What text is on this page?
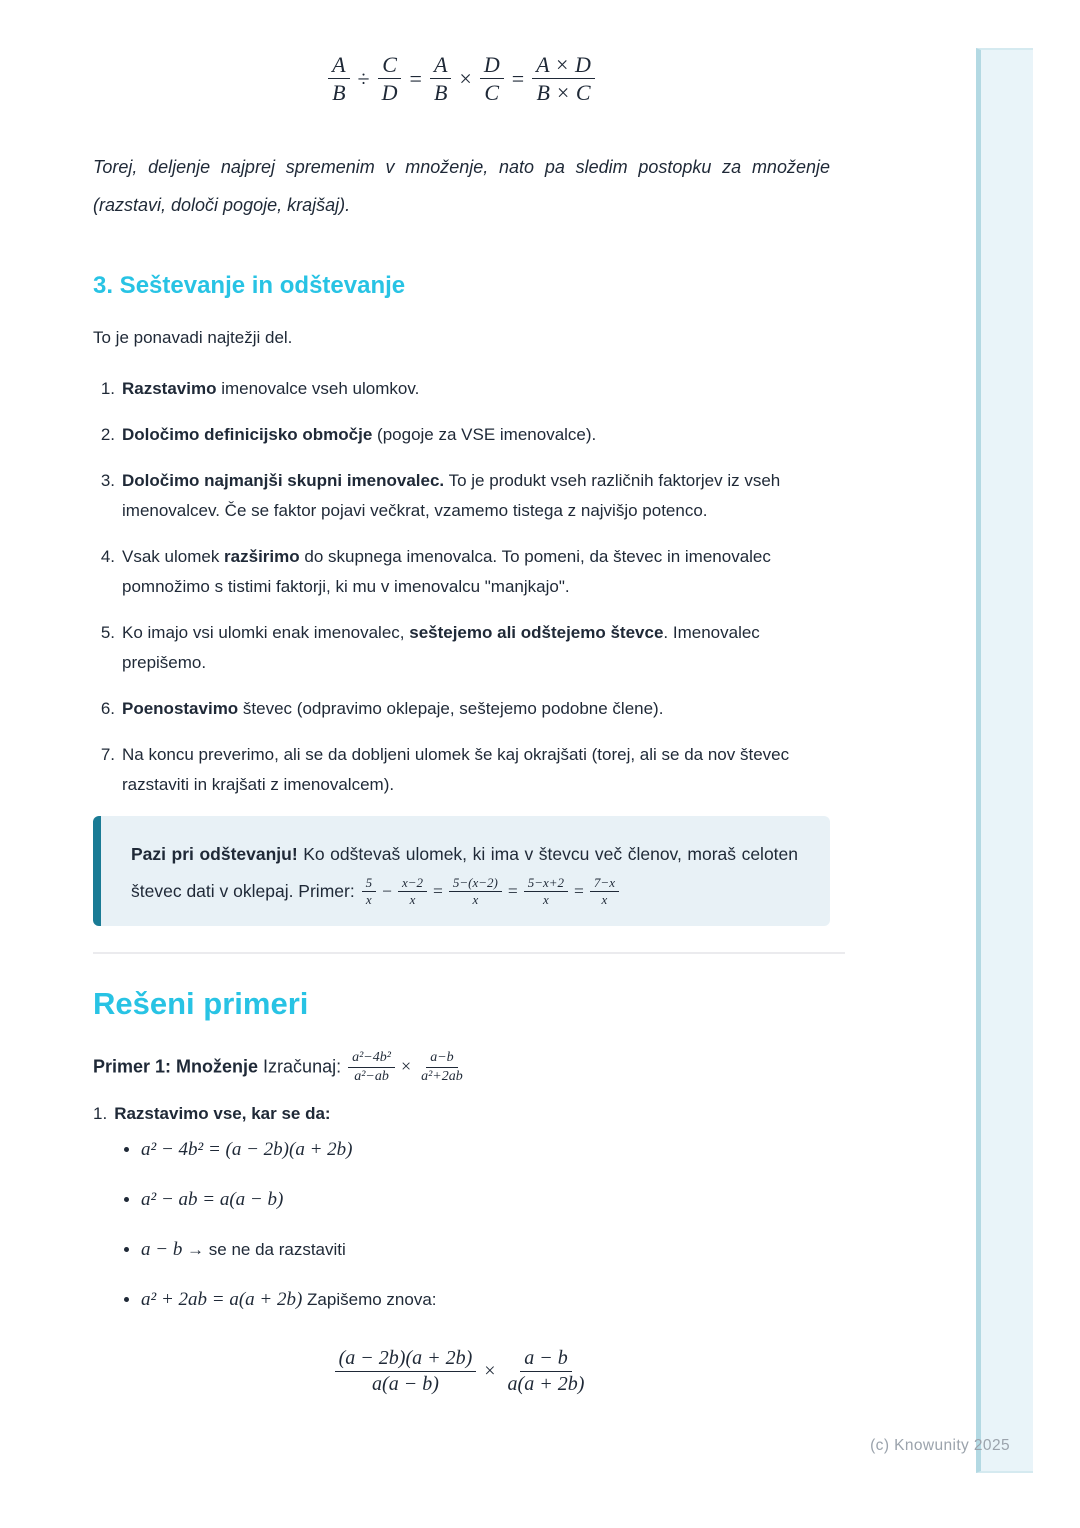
$\frac{A}{B} \div \frac{C}{D} = \frac{A}{B} \times \frac{D}{C} = \frac{A \times D}{B \times C}$

Torej, deljenje najprej spremenim v množenje, nato pa sledim postopku za množenje (razstavi, določi pogoje, krajšaj).

3. Seštevanje in odštevanje

To je ponavadi najtežji del.

1. Razstavimo imenovalce vseh ulomkov.
2. Določimo definicijsko območje (pogoje za VSE imenovalce).
3. Določimo najmanjši skupni imenovalec. To je produkt vseh različnih faktorjev iz vseh imenovalcev. Če se faktor pojavi večkrat, vzamemo tistega z najvišjo potenco.
4. Vsak ulomek razširimo do skupnega imenovalca. To pomeni, da števec in imenovalec pomnožimo s tistimi faktorji, ki mu v imenovalcu "manjkajo".
5. Ko imajo vsi ulomki enak imenovalec, seštejemo ali odštejemo števce. Imenovalec prepišemo.
6. Poenostavimo števec (odpravimo oklepaje, seštejemo podobne člene).
7. Na koncu preverimo, ali se da dobljeni ulomek še kaj okrajšati (torej, ali se da nov števec razstaviti in krajšati z imenovalcem).
Pazi pri odštevanju! Ko odštevaš ulomek, ki ima v števcu več členov, moraš celoten števec dati v oklepaj. Primer: $\frac{5}{x} - \frac{x-2}{x} = \frac{5-(x-2)}{x} = \frac{5-x+2}{x} = \frac{7-x}{x}$
Rešeni primeri

Primer 1: Množenje Izračunaj: $\frac{\text{a²−4b²}}{\text{a²−ab}} \times \frac{a-b}{\text{a²+2ab}}$

1. Razstavimo vse, kar se da:
• a² − 4b² = (a − 2b)(a + 2b)
• a² − ab = a(a − b)
• a − b → se ne da razstaviti
• a² + 2ab = a(a + 2b) Zapišemo znova:
$\frac{(a - 2b)(a + 2b)}{a(a - b)} \times \frac{a - b}{a(a + 2b)}$
(c) Knowunity 2025
